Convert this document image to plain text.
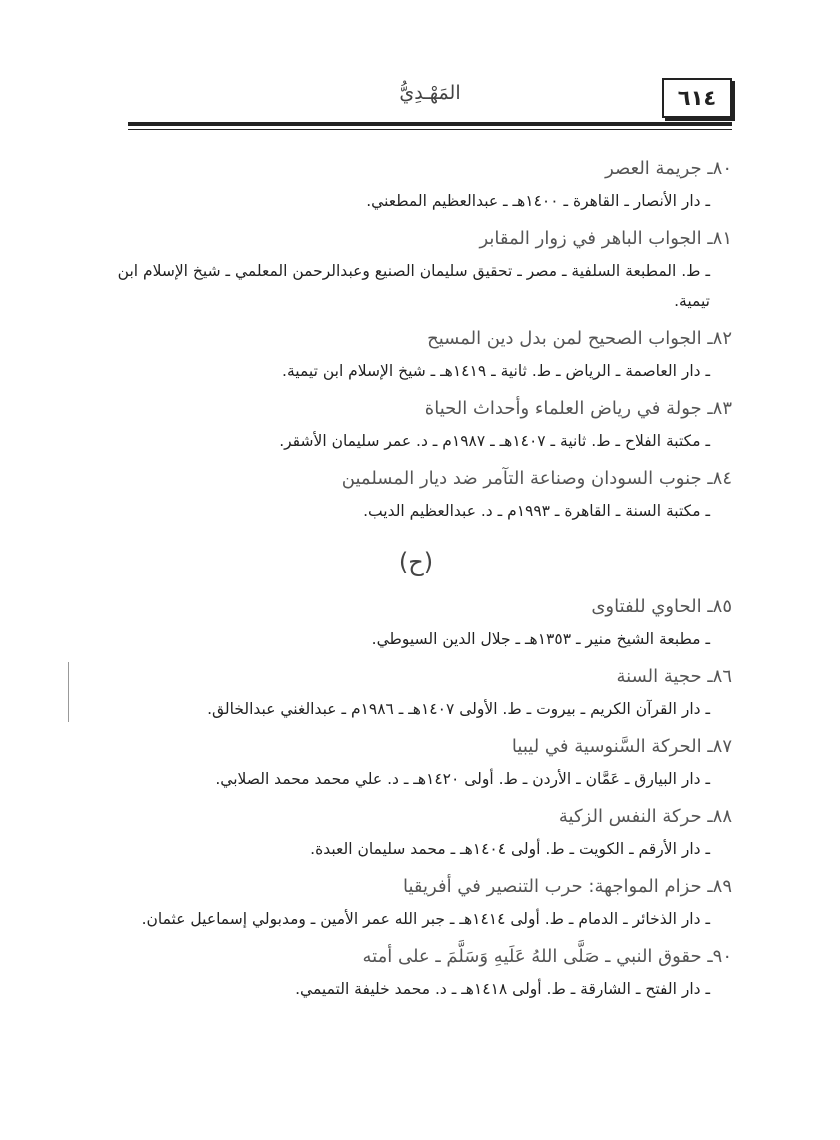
٦١٤
المَهْـدِيُّ
٨٠ـ جريمة العصر
ـ دار الأنصار ـ القاهرة ـ ١٤٠٠هـ ـ عبدالعظيم المطعني.
٨١ـ الجواب الباهر في زوار المقابر
ـ ط. المطبعة السلفية ـ مصر ـ تحقيق سليمان الصنيع وعبدالرحمن المعلمي ـ شيخ الإسلام ابن تيمية.
٨٢ـ الجواب الصحيح لمن بدل دين المسيح
ـ دار العاصمة ـ الرياض ـ ط. ثانية ـ ١٤١٩هـ ـ شيخ الإسلام ابن تيمية.
٨٣ـ جولة في رياض العلماء وأحداث الحياة
ـ مكتبة الفلاح ـ ط. ثانية ـ ١٤٠٧هـ ـ ١٩٨٧م ـ د. عمر سليمان الأشقر.
٨٤ـ جنوب السودان وصناعة التآمر ضد ديار المسلمين
ـ مكتبة السنة ـ القاهرة ـ ١٩٩٣م ـ د. عبدالعظيم الديب.
(ح)
٨٥ـ الحاوي للفتاوى
ـ مطبعة الشيخ منير ـ ١٣٥٣هـ ـ جلال الدين السيوطي.
٨٦ـ حجية السنة
ـ دار القرآن الكريم ـ بيروت ـ ط. الأولى ١٤٠٧هـ ـ ١٩٨٦م ـ عبدالغني عبدالخالق.
٨٧ـ الحركة السَّنوسية في ليبيا
ـ دار البيارق ـ عَمَّان ـ الأردن ـ ط. أولى ١٤٢٠هـ ـ د. علي محمد محمد الصلابي.
٨٨ـ حركة النفس الزكية
ـ دار الأرقم ـ الكويت ـ ط. أولى ١٤٠٤هـ ـ محمد سليمان العبدة.
٨٩ـ حزام المواجهة: حرب التنصير في أفريقيا
ـ دار الذخائر ـ الدمام ـ ط. أولى ١٤١٤هـ ـ جبر الله عمر الأمين ـ ومدبولي إسماعيل عثمان.
٩٠ـ حقوق النبي ـ صَلَّى اللهُ عَلَيهِ وَسَلَّمَ ـ على أمته
ـ دار الفتح ـ الشارقة ـ ط. أولى ١٤١٨هـ ـ د. محمد خليفة التميمي.
